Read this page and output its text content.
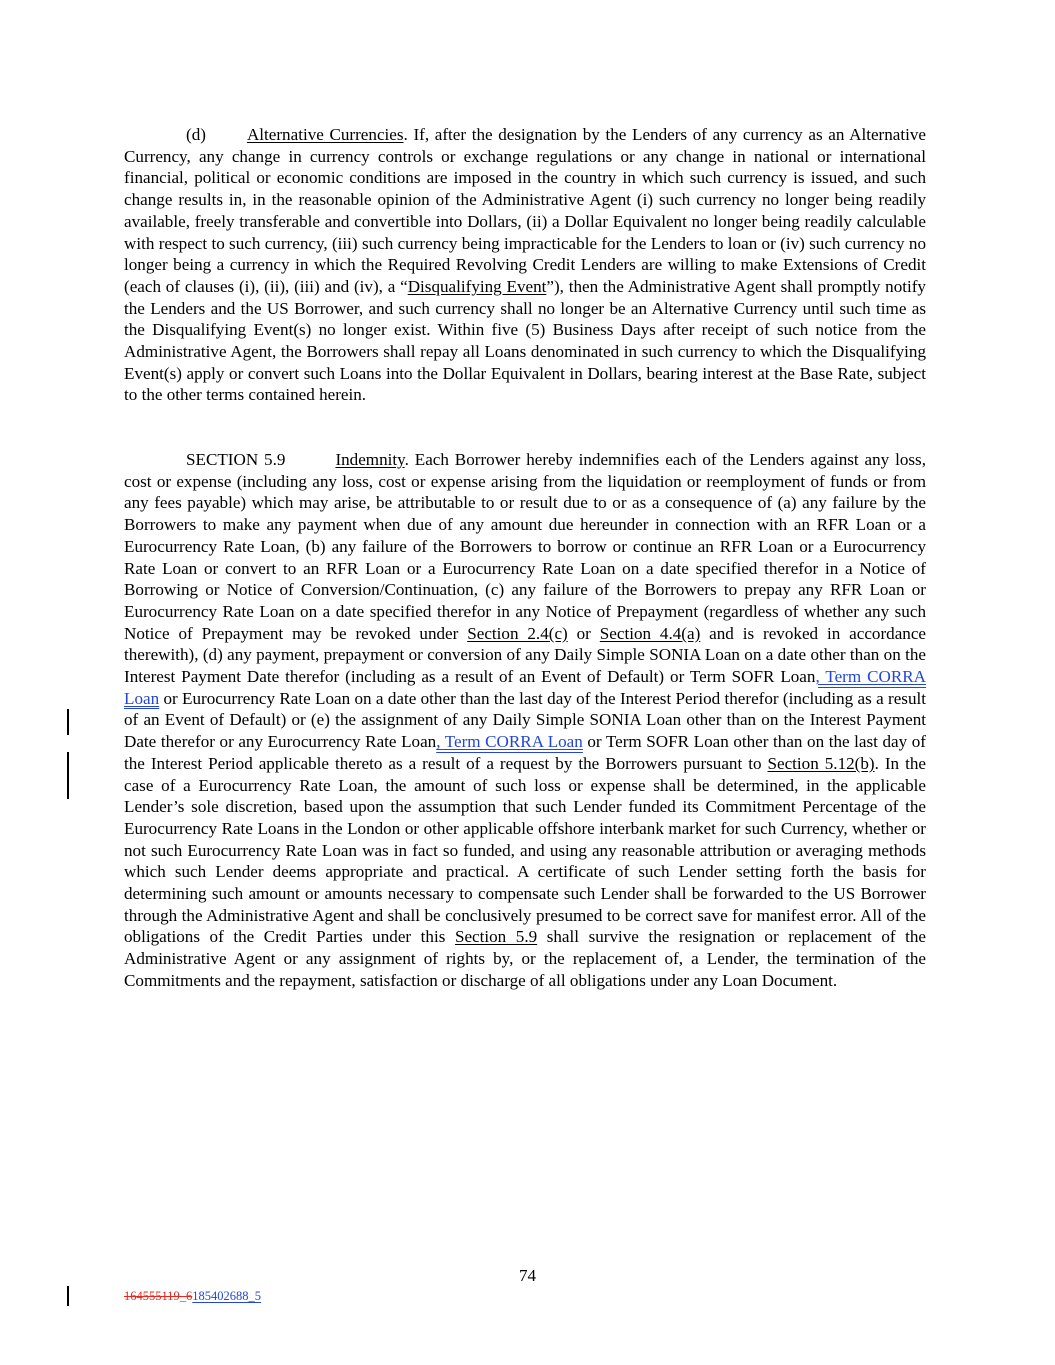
(d) Alternative Currencies. If, after the designation by the Lenders of any currency as an Alternative Currency, any change in currency controls or exchange regulations or any change in national or international financial, political or economic conditions are imposed in the country in which such currency is issued, and such change results in, in the reasonable opinion of the Administrative Agent (i) such currency no longer being readily available, freely transferable and convertible into Dollars, (ii) a Dollar Equivalent no longer being readily calculable with respect to such currency, (iii) such currency being impracticable for the Lenders to loan or (iv) such currency no longer being a currency in which the Required Revolving Credit Lenders are willing to make Extensions of Credit (each of clauses (i), (ii), (iii) and (iv), a “Disqualifying Event”), then the Administrative Agent shall promptly notify the Lenders and the US Borrower, and such currency shall no longer be an Alternative Currency until such time as the Disqualifying Event(s) no longer exist. Within five (5) Business Days after receipt of such notice from the Administrative Agent, the Borrowers shall repay all Loans denominated in such currency to which the Disqualifying Event(s) apply or convert such Loans into the Dollar Equivalent in Dollars, bearing interest at the Base Rate, subject to the other terms contained herein.

SECTION 5.9	Indemnity. Each Borrower hereby indemnifies each of the Lenders against any loss, cost or expense (including any loss, cost or expense arising from the liquidation or reemployment of funds or from any fees payable) which may arise, be attributable to or result due to or as a consequence of (a) any failure by the Borrowers to make any payment when due of any amount due hereunder in connection with an RFR Loan or a Eurocurrency Rate Loan, (b) any failure of the Borrowers to borrow or continue an RFR Loan or a Eurocurrency Rate Loan or convert to an RFR Loan or a Eurocurrency Rate Loan on a date specified therefor in a Notice of Borrowing or Notice of Conversion/Continuation, (c) any failure of the Borrowers to prepay any RFR Loan or Eurocurrency Rate Loan on a date specified therefor in any Notice of Prepayment (regardless of whether any such Notice of Prepayment may be revoked under Section 2.4(c) or Section 4.4(a) and is revoked in accordance therewith), (d) any payment, prepayment or conversion of any Daily Simple SONIA Loan on a date other than on the Interest Payment Date therefor (including as a result of an Event of Default) or Term SOFR Loan, Term CORRA Loan or Eurocurrency Rate Loan on a date other than the last day of the Interest Period therefor (including as a result of an Event of Default) or (e) the assignment of any Daily Simple SONIA Loan other than on the Interest Payment Date therefor or any Eurocurrency Rate Loan, Term CORRA Loan or Term SOFR Loan other than on the last day of the Interest Period applicable thereto as a result of a request by the Borrowers pursuant to Section 5.12(b). In the case of a Eurocurrency Rate Loan, the amount of such loss or expense shall be determined, in the applicable Lender’s sole discretion, based upon the assumption that such Lender funded its Commitment Percentage of the Eurocurrency Rate Loans in the London or other applicable offshore interbank market for such Currency, whether or not such Eurocurrency Rate Loan was in fact so funded, and using any reasonable attribution or averaging methods which such Lender deems appropriate and practical. A certificate of such Lender setting forth the basis for determining such amount or amounts necessary to compensate such Lender shall be forwarded to the US Borrower through the Administrative Agent and shall be conclusively presumed to be correct save for manifest error. All of the obligations of the Credit Parties under this Section 5.9 shall survive the resignation or replacement of the Administrative Agent or any assignment of rights by, or the replacement of, a Lender, the termination of the Commitments and the repayment, satisfaction or discharge of all obligations under any Loan Document.

74
164555119_6185402688_5
